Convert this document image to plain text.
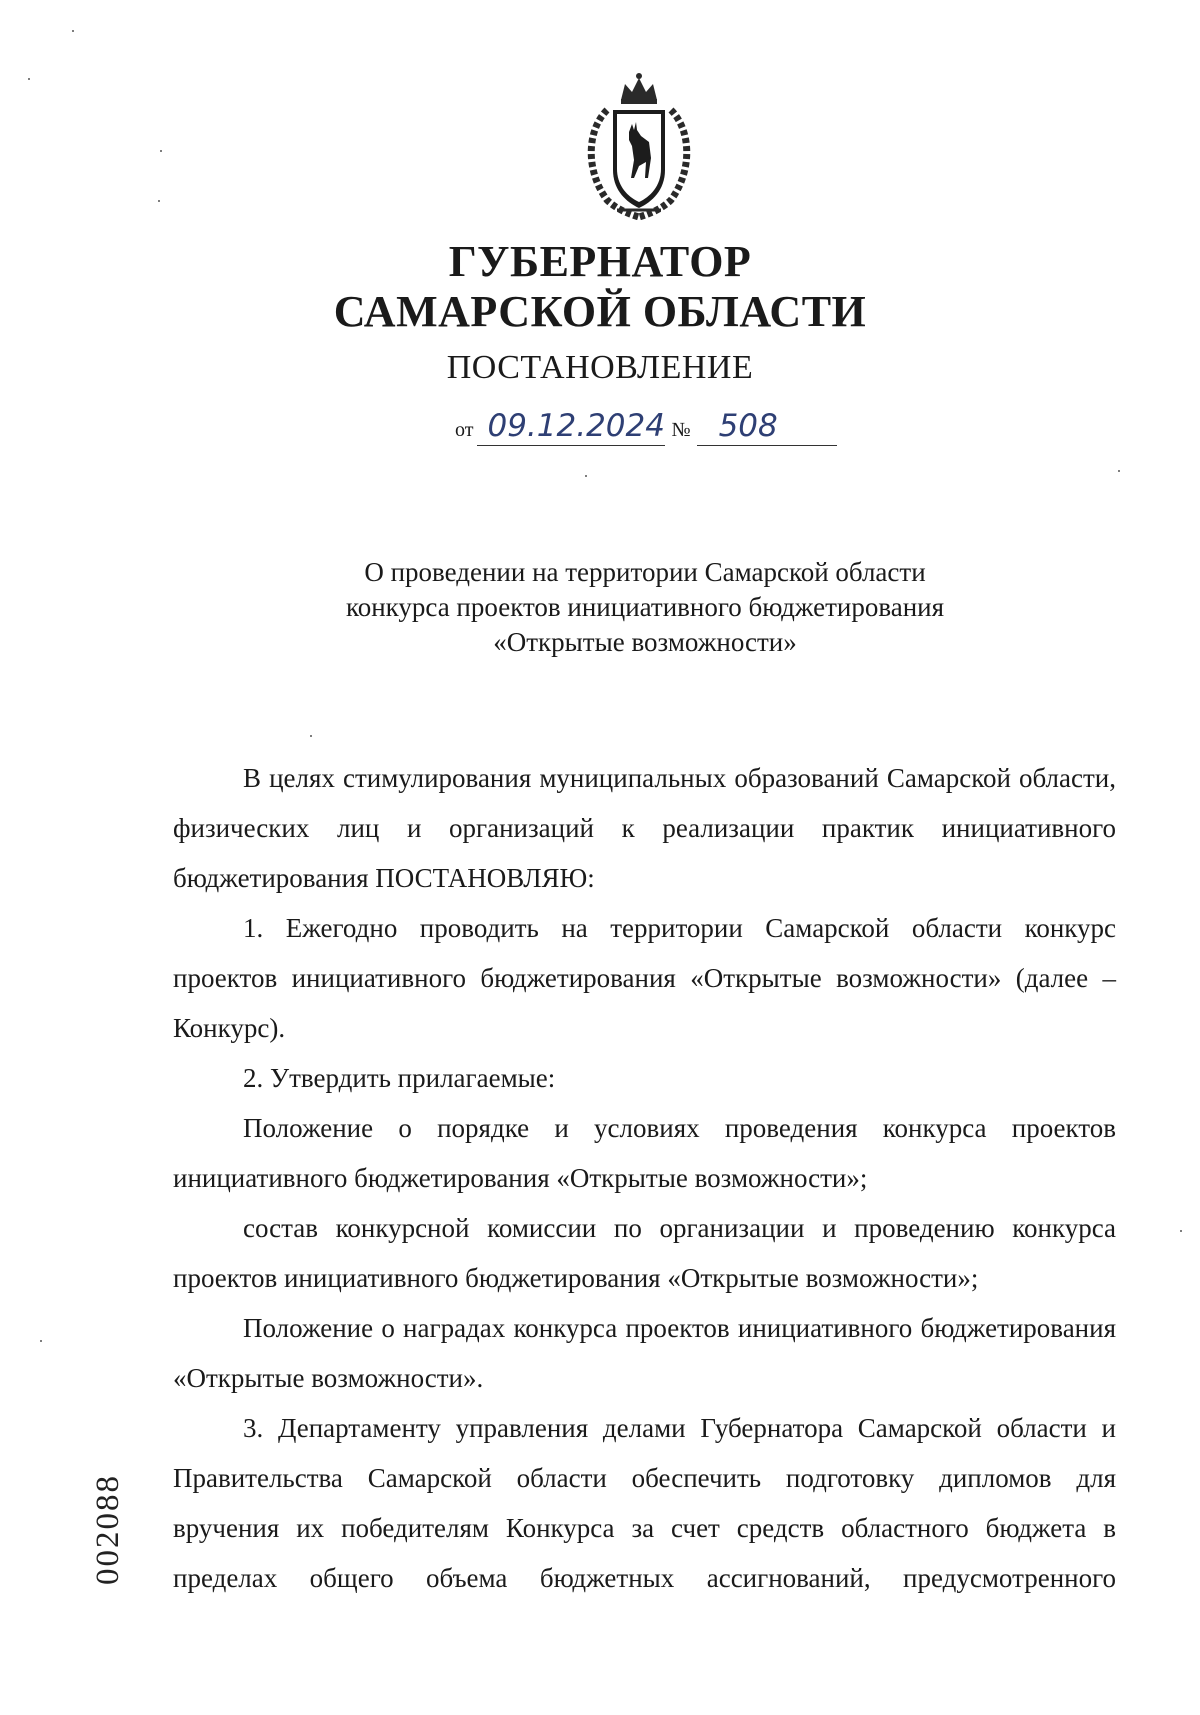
ГУБЕРНАТОР
САМАРСКОЙ ОБЛАСТИ
ПОСТАНОВЛЕНИЕ
от 09.12.2024 № 508
О проведении на территории Самарской области
конкурса проектов инициативного бюджетирования
«Открытые возможности»

В целях стимулирования муниципальных образований Самарской области, физических лиц и организаций к реализации практик инициативного бюджетирования ПОСТАНОВЛЯЮ:

1. Ежегодно проводить на территории Самарской области конкурс проектов инициативного бюджетирования «Открытые возможности» (далее – Конкурс).

2. Утвердить прилагаемые:

Положение о порядке и условиях проведения конкурса проектов инициативного бюджетирования «Открытые возможности»;

состав конкурсной комиссии по организации и проведению конкурса проектов инициативного бюджетирования «Открытые возможности»;

Положение о наградах конкурса проектов инициативного бюджетирования «Открытые возможности».

3. Департаменту управления делами Губернатора Самарской области и Правительства Самарской области обеспечить подготовку дипломов для вручения их победителям Конкурса за счет средств областного бюджета в пределах общего объема бюджетных ассигнований, предусмотренного

002088
